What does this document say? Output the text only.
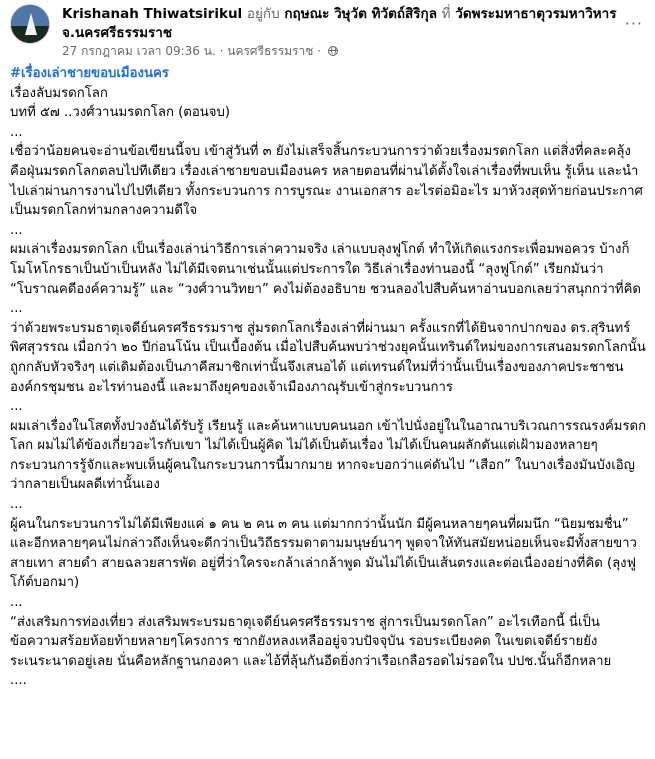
Krishanah Thiwatsirikul อยู่กับ กฤษณะ วิษุวัต ทิวัตถ์สิริกุล ที่ วัดพระมหาธาตุวรมหาวิหาร
จ.นครศรีธรรมราช
27 กรกฎาคม เวลา 09:36 น. · นครศรีธรรมราช ·
···

#เรื่องเล่าชายขอบเมืองนคร

เรื่องลับมรดกโลก

บทที่ ๕๗ ..วงศ์วานมรดกโลก (ตอนจบ)

...

เชื่อว่าน้อยคนจะอ่านข้อเขียนนี้จบ เข้าสู่วันที่ ๓ ยังไม่เสร็จสิ้นกระบวนการว่าด้วยเรื่องมรดกโลก แต่สิ่งที่คละคลุ้งคือฝุ่นมรดกโลกตลบไปทีเดียว เรื่องเล่าชายขอบเมืองนคร หลายตอนที่ผ่านได้ตั้งใจเล่าเรื่องที่พบเห็น รู้เห็น และนำไปเล่าผ่านการงานไปไปทีเดียว ทั้งกระบวนการ การบูรณะ งานเอกสาร อะไรต่อมิอะไร มาห้วงสุดท้ายก่อนประกาศเป็นมรดกโลกท่ามกลางความดีใจ

...

ผมเล่าเรื่องมรดกโลก เป็นเรื่องเล่าน่าวิธีการเล่าความจริง เล่าแบบลุงฟูโกต์ ทำให้เกิดแรงกระเพื่อมพอควร บ้างก็โมโหโกรธาเป็นบ้าเป็นหลัง ไม่ได้มีเจตนาเช่นนั้นแต่ประการใด วิธีเล่าเรื่องท่านองนี้ “ลุงฟูโกต์” เรียกมันว่า “โบราณคดีองค์ความรู้” และ “วงศ์วานวิทยา” คงไม่ต้องอธิบาย ชวนลองไปสืบค้นหาอ่านบอกเลยว่าสนุกกว่าที่คิด

...

ว่าด้วยพระบรมธาตุเจดีย์นครศรีธรรมราช สู่มรดกโลกเรื่องเล่าที่ผ่านมา ครั้งแรกที่ได้ยินจากปากของ ดร.สุรินทร์ พิศสุวรรณ เมื่อกว่า ๒๐ ปีก่อนโน้น เป็นเบื้องต้น เมื่อไปสืบค้นพบว่าช่วงยุคนั้นเทรินด์ใหม่ของการเสนอมรดกโลกนั้นถูกกลับหัวจริงๆ แต่เดิมต้องเป็นภาคีสมาชิกเท่านั้นจึงเสนอได้ แต่เทรนด์ใหม่ที่ว่านั้นเป็นเรื่องของภาคประชาชน องค์กรชุมชน อะไรท่านองนี้ และมาถึงยุคของเจ้าเมืองภาณุรับเข้าสู่กระบวนการ

...

ผมเล่าเรื่องในโสตทั้งปวงอันได้รับรู้ เรียนรู้ และค้นหาแบบคนนอก เข้าไปนั่งอยู่ในในอาณาบริเวณการรณรงค์มรดกโลก ผมไม่ได้ข้องเกี่ยวอะไรกับเขา ไม่ได้เป็นผู้คิด ไม่ได้เป็นต้นเรื่อง ไม่ได้เป็นคนผลักดันแต่เฝ้ามองหลายๆกระบวนการรู้จักและพบเห็นผู้คนในกระบวนการนี้มากมาย หากจะบอกว่าแค่ดันไป “เสือก” ในบางเรื่องมันบังเอิญว่ากลายเป็นผลดีเท่านั้นเอง

...

ผู้คนในกระบวนการไม่ได้มีเพียงแค่ ๑ คน ๒ คน ๓ คน แต่มากกว่านั้นนัก มีผู้คนหลายๆคนที่ผมนึก “นิยมชมชื่น” และอีกหลายๆคนไม่กล่าวถึงเห็นจะดีกว่าเป็นวิถีธรรมดาตามมนุษย์นาๆ พูดจาให้ทันสมัยหน่อยเห็นจะมีทั้งสายขาว สายเทา สายดำ สายฉลวยสารพัด อยู่ที่ว่าใครจะกล้าเล่ากล้าพูด มันไม่ได้เป็นเส้นตรงและต่อเนื่องอย่างที่คิด (ลุงฟูโก้ต์บอกมา)

...

“ส่งเสริมการท่องเที่ยว ส่งเสริมพระบรมธาตุเจดีย์นครศรีธรรมราช สู่การเป็นมรดกโลก” อะไรเทือกนี้ นี่เป็นข้อความสร้อยห้อยท้ายหลายๆโครงการ ซากยังหลงเหลืออยู่จวบปัจจุบัน รอบระเบียงคด ในเขตเจดีย์รายยังระเนระนาดอยู่เลย นั่นคือหลักฐานกองคา และไอ้ที่ลุ้นกันอีดยิ่งกว่าเรือเกลือรอดไม่รอดใน ปปช.นั้นก็อีกหลาย

....
